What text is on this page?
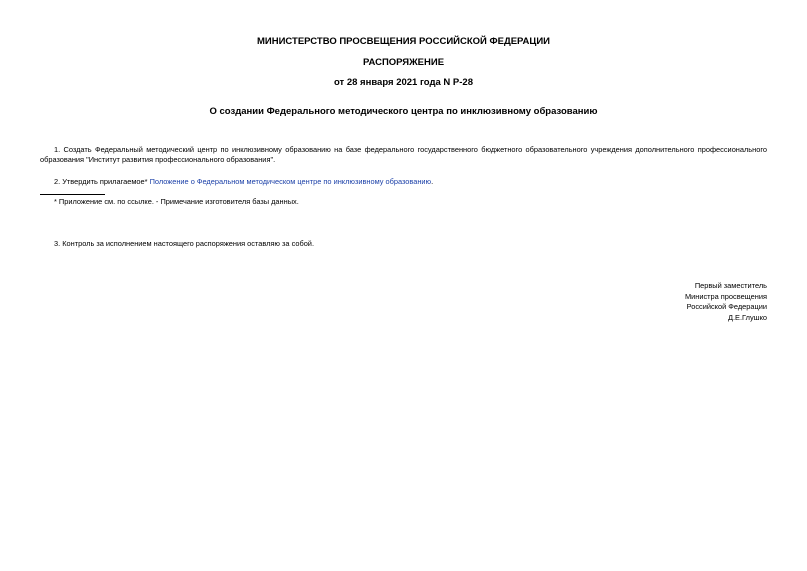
МИНИСТЕРСТВО ПРОСВЕЩЕНИЯ РОССИЙСКОЙ ФЕДЕРАЦИИ
РАСПОРЯЖЕНИЕ
от 28 января 2021 года N Р-28
О создании Федерального методического центра по инклюзивному образованию
1. Создать Федеральный методический центр по инклюзивному образованию на базе федерального государственного бюджетного образовательного учреждения дополнительного профессионального образования "Институт развития профессионального образования".
2. Утвердить прилагаемое* Положение о Федеральном методическом центре по инклюзивному образованию.
* Приложение см. по ссылке. - Примечание изготовителя базы данных.
3. Контроль за исполнением настоящего распоряжения оставляю за собой.
Первый заместитель
Министра просвещения
Российской Федерации
Д.Е.Глушко
